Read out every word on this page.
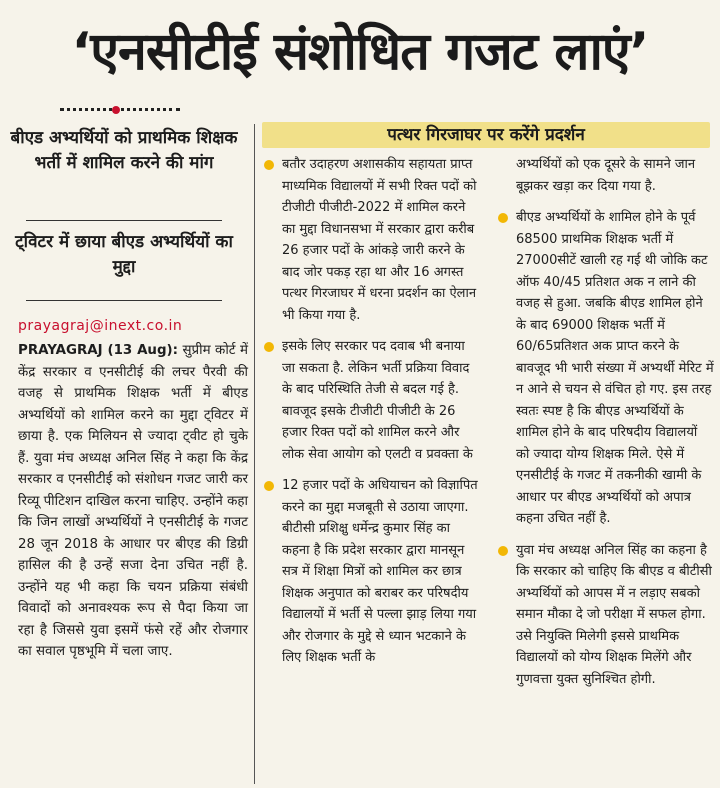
‘एनसीटीई संशोधित गजट लाएं’
बीएड अभ्यर्थियों को प्राथमिक शिक्षक भर्ती में शामिल करने की मांग
ट्विटर में छाया बीएड अभ्यर्थियों का मुद्दा
prayagraj@inext.co.in
PRAYAGRAJ (13 Aug): सुप्रीम कोर्ट में केंद्र सरकार व एनसीटीई की लचर पैरवी की वजह से प्राथमिक शिक्षक भर्ती में बीएड अभ्यर्थियों को शामिल करने का मुद्दा ट्विटर में छाया है. एक मिलियन से ज्यादा ट्वीट हो चुके हैं. युवा मंच अध्यक्ष अनिल सिंह ने कहा कि केंद्र सरकार व एनसीटीई को संशोधन गजट जारी कर रिव्यू पीटिशन दाखिल करना चाहिए. उन्होंने कहा कि जिन लाखों अभ्यर्थियों ने एनसीटीई के गजट 28 जून 2018 के आधार पर बीएड की डिग्री हासिल की है उन्हें सजा देना उचित नहीं है. उन्होंने यह भी कहा कि चयन प्रक्रिया संबंधी विवादों को अनावश्यक रूप से पैदा किया जा रहा है जिससे युवा इसमें फंसे रहें और रोजगार का सवाल पृष्ठभूमि में चला जाए.
पत्थर गिरजाघर पर करेंगे प्रदर्शन

बतौर उदाहरण अशासकीय सहायता प्राप्त माध्यमिक विद्यालयों में सभी रिक्त पदों को टीजीटी पीजीटी-2022 में शामिल करने का मुद्दा विधानसभा में सरकार द्वारा करीब 26 हजार पदों के आंकड़े जारी करने के बाद जोर पकड़ रहा था और 16 अगस्त पत्थर गिरजाघर में धरना प्रदर्शन का ऐलान भी किया गया है.

इसके लिए सरकार पद दवाब भी बनाया जा सकता है. लेकिन भर्ती प्रक्रिया विवाद के बाद परिस्थिति तेजी से बदल गई है. बावजूद इसके टीजीटी पीजीटी के 26 हजार रिक्त पदों को शामिल करने और लोक सेवा आयोग को एलटी व प्रवक्ता के

12 हजार पदों के अधियाचन को विज्ञापित करने का मुद्दा मजबूती से उठाया जाएगा. बीटीसी प्रशिक्षु धर्मेन्द्र कुमार सिंह का कहना है कि प्रदेश सरकार द्वारा मानसून सत्र में शिक्षा मित्रों को शामिल कर छात्र शिक्षक अनुपात को बराबर कर परिषदीय विद्यालयों में भर्ती से पल्ला झाड़ लिया गया और रोजगार के मुद्दे से ध्यान भटकाने के लिए शिक्षक भर्ती के

अभ्यर्थियों को एक दूसरे के सामने जान बूझकर खड़ा कर दिया गया है.

बीएड अभ्यर्थियों के शामिल होने के पूर्व 68500 प्राथमिक शिक्षक भर्ती में 27000सीटें खाली रह गई थी जोकि कट ऑफ 40/45 प्रतिशत अक न लाने की वजह से हुआ. जबकि बीएड शामिल होने के बाद 69000 शिक्षक भर्ती में 60/65प्रतिशत अक प्राप्त करने के बावजूद भी भारी संख्या में अभ्यर्थी मेरिट में न आने से चयन से वंचित हो गए. इस तरह स्वतः स्पष्ट है कि बीएड अभ्यर्थियों के शामिल होने के बाद परिषदीय विद्यालयों को ज्यादा योग्य शिक्षक मिले. ऐसे में एनसीटीई के गजट में तकनीकी खामी के आधार पर बीएड अभ्यर्थियों को अपात्र कहना उचित नहीं है.

युवा मंच अध्यक्ष अनिल सिंह का कहना है कि सरकार को चाहिए कि बीएड व बीटीसी अभ्यर्थियों को आपस में न लड़ाए सबको समान मौका दे जो परीक्षा में सफल होगा. उसे नियुक्ति मिलेगी इससे प्राथमिक विद्यालयों को योग्य शिक्षक मिलेंगे और गुणवत्ता युक्त सुनिश्चित होगी.
